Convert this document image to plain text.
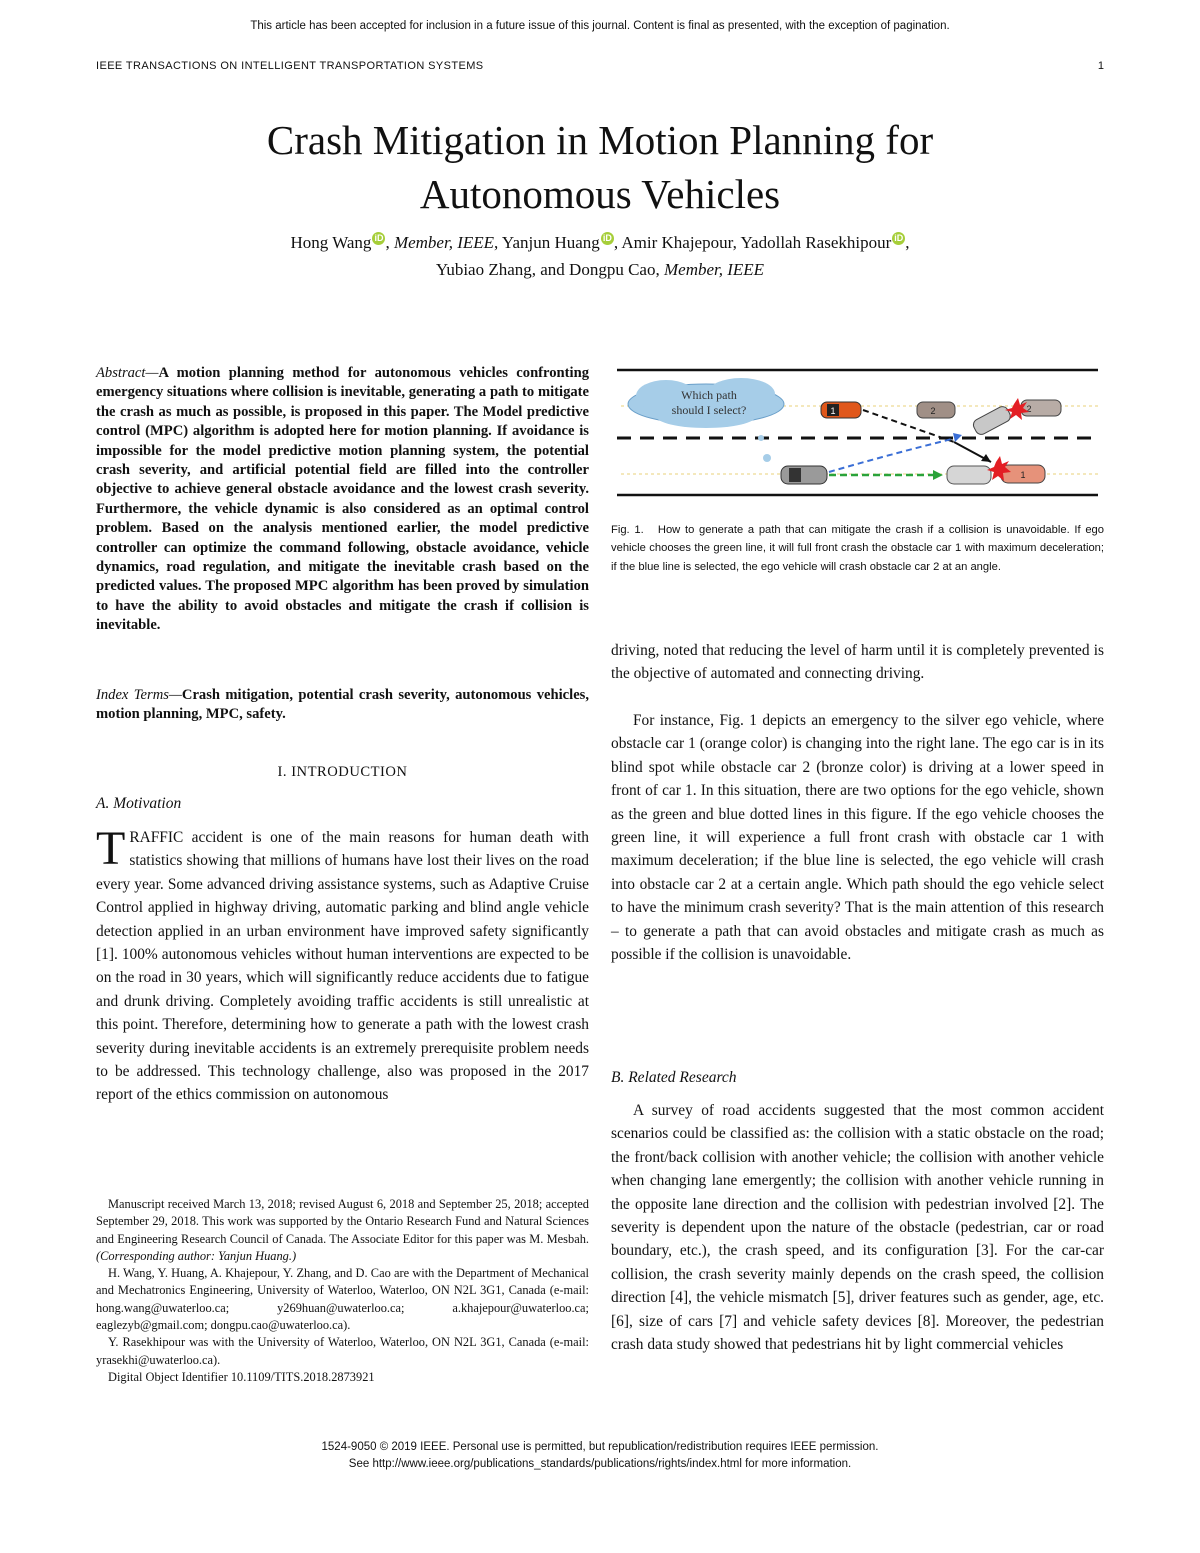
This article has been accepted for inclusion in a future issue of this journal. Content is final as presented, with the exception of pagination.
IEEE TRANSACTIONS ON INTELLIGENT TRANSPORTATION SYSTEMS	1
Crash Mitigation in Motion Planning for
Autonomous Vehicles
Hong Wang iD , Member, IEEE, Yanjun Huang iD , Amir Khajepour, Yadollah Rasekhipour iD ,
Yubiao Zhang, and Dongpu Cao, Member, IEEE
Abstract—A motion planning method for autonomous vehicles confronting emergency situations where collision is inevitable, generating a path to mitigate the crash as much as possible, is proposed in this paper. The Model predictive control (MPC) algorithm is adopted here for motion planning. If avoidance is impossible for the model predictive motion planning system, the potential crash severity, and artificial potential field are filled into the controller objective to achieve general obstacle avoidance and the lowest crash severity. Furthermore, the vehicle dynamic is also considered as an optimal control problem. Based on the analysis mentioned earlier, the model predictive controller can optimize the command following, obstacle avoidance, vehicle dynamics, road regulation, and mitigate the inevitable crash based on the predicted values. The proposed MPC algorithm has been proved by simulation to have the ability to avoid obstacles and mitigate the crash if collision is inevitable.
Index Terms—Crash mitigation, potential crash severity, autonomous vehicles, motion planning, MPC, safety.
I. INTRODUCTION
A. Motivation
TRAFFIC accident is one of the main reasons for human death with statistics showing that millions of humans have lost their lives on the road every year. Some advanced driving assistance systems, such as Adaptive Cruise Control applied in highway driving, automatic parking and blind angle vehicle detection applied in an urban environment have improved safety significantly [1]. 100% autonomous vehicles without human interventions are expected to be on the road in 30 years, which will significantly reduce accidents due to fatigue and drunk driving. Completely avoiding traffic accidents is still unrealistic at this point. Therefore, determining how to generate a path with the lowest crash severity during inevitable accidents is an extremely prerequisite problem needs to be addressed. This technology challenge, also was proposed in the 2017 report of the ethics commission on autonomous

Manuscript received March 13, 2018; revised August 6, 2018 and September 25, 2018; accepted September 29, 2018. This work was supported by the Ontario Research Fund and Natural Sciences and Engineering Research Council of Canada. The Associate Editor for this paper was M. Mesbah. (Corresponding author: Yanjun Huang.)

H. Wang, Y. Huang, A. Khajepour, Y. Zhang, and D. Cao are with the Department of Mechanical and Mechatronics Engineering, University of Waterloo, Waterloo, ON N2L 3G1, Canada (e-mail: hong.wang@uwaterloo.ca; y269huan@uwaterloo.ca; a.khajepour@uwaterloo.ca; eaglezyb@gmail.com; dongpu.cao@uwaterloo.ca).

Y. Rasekhipour was with the University of Waterloo, Waterloo, ON N2L 3G1, Canada (e-mail: yrasekhi@uwaterloo.ca).

Digital Object Identifier 10.1109/TITS.2018.2873921

Which path
should I select?	1	2	2
1
Fig. 1. How to generate a path that can mitigate the crash if a collision is unavoidable. If ego vehicle chooses the green line, it will full front crash the obstacle car 1 with maximum deceleration; if the blue line is selected, the ego vehicle will crash obstacle car 2 at an angle.
driving, noted that reducing the level of harm until it is completely prevented is the objective of automated and connecting driving.
For instance, Fig. 1 depicts an emergency to the silver ego vehicle, where obstacle car 1 (orange color) is changing into the right lane. The ego car is in its blind spot while obstacle car 2 (bronze color) is driving at a lower speed in front of car 1. In this situation, there are two options for the ego vehicle, shown as the green and blue dotted lines in this figure. If the ego vehicle chooses the green line, it will experience a full front crash with obstacle car 1 with maximum deceleration; if the blue line is selected, the ego vehicle will crash into obstacle car 2 at a certain angle. Which path should the ego vehicle select to have the minimum crash severity? That is the main attention of this research – to generate a path that can avoid obstacles and mitigate crash as much as possible if the collision is unavoidable.
B. Related Research
A survey of road accidents suggested that the most common accident scenarios could be classified as: the collision with a static obstacle on the road; the front/back collision with another vehicle; the collision with another vehicle when changing lane emergently; the collision with another vehicle running in the opposite lane direction and the collision with pedestrian involved [2]. The severity is dependent upon the nature of the obstacle (pedestrian, car or road boundary, etc.), the crash speed, and its configuration [3]. For the car-car collision, the crash severity mainly depends on the crash speed, the collision direction [4], the vehicle mismatch [5], driver features such as gender, age, etc. [6], size of cars [7] and vehicle safety devices [8]. Moreover, the pedestrian crash data study showed that pedestrians hit by light commercial vehicles
1524-9050 © 2019 IEEE. Personal use is permitted, but republication/redistribution requires IEEE permission.
See http://www.ieee.org/publications_standards/publications/rights/index.html for more information.
